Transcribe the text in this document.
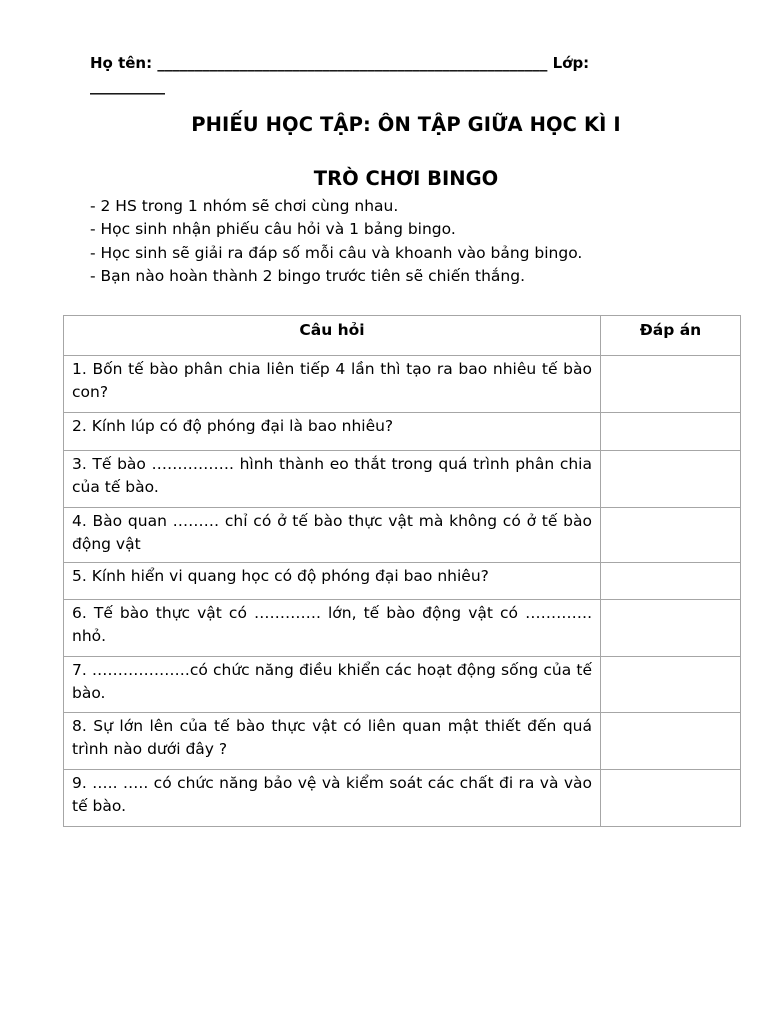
Họ tên: ____________________________________________________ Lớp: __________
PHIẾU HỌC TẬP: ÔN TẬP GIỮA HỌC KÌ I
TRÒ CHƠI BINGO
- 2 HS trong 1 nhóm sẽ chơi cùng nhau.
- Học sinh nhận phiếu câu hỏi và 1 bảng bingo.
- Học sinh sẽ giải ra đáp số mỗi câu và khoanh vào bảng bingo.
- Bạn nào hoàn thành 2 bingo trước tiên sẽ chiến thắng.
Câu hỏi	Đáp án
1. Bốn tế bào phân chia liên tiếp 4 lần thì tạo ra bao nhiêu tế bào con?	
2. Kính lúp có độ phóng đại là bao nhiêu?	
3. Tế bào ……………. hình thành eo thắt trong quá trình phân chia của tế bào.	
4. Bào quan ……… chỉ có ở tế bào thực vật mà không có ở tế bào động vật	
5. Kính hiển vi quang học có độ phóng đại bao nhiêu?	
6. Tế bào thực vật có …………. lớn, tế bào động vật có …………. nhỏ.	
7. ……………….có chức năng điều khiển các hoạt động sống của tế bào.	
8. Sự lớn lên của tế bào thực vật có liên quan mật thiết đến quá trình nào dưới đây ?	
9. ….. ….. có chức năng bảo vệ và kiểm soát các chất đi ra và vào tế bào.	
